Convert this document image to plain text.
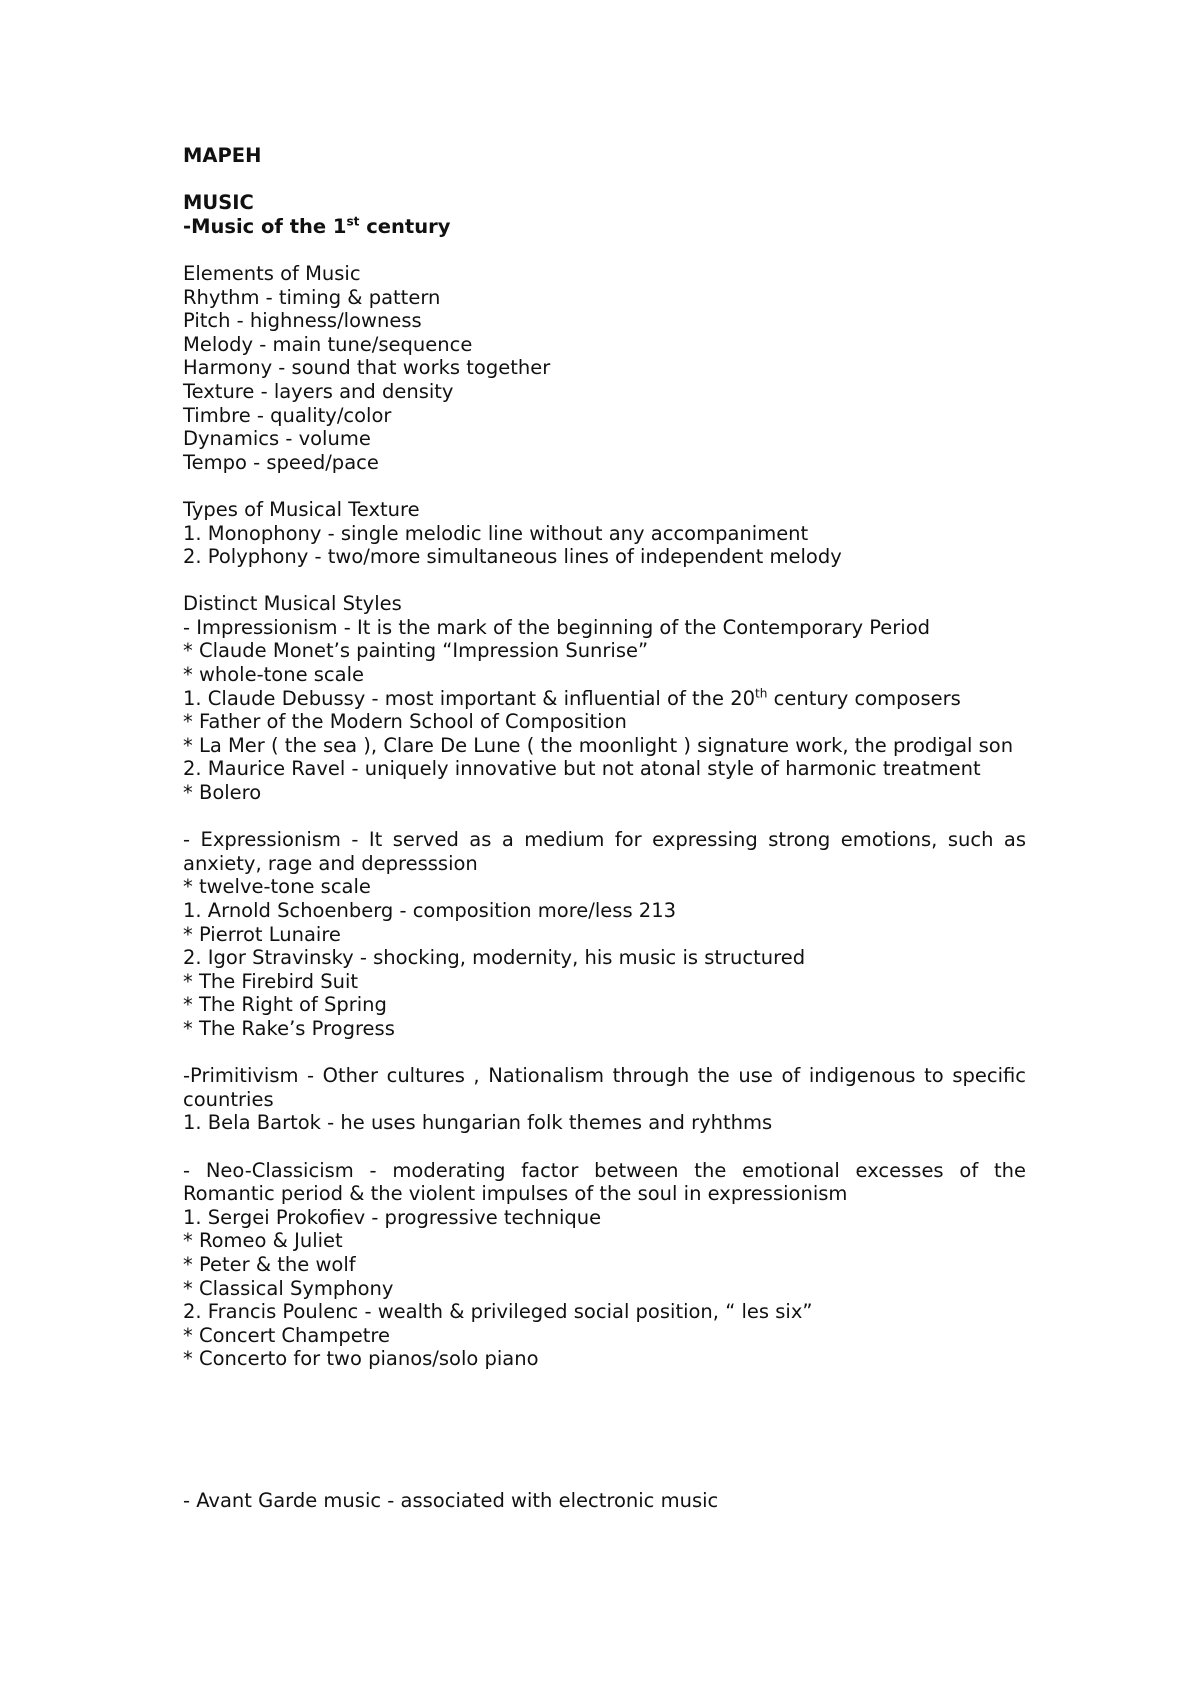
MAPEH
MUSIC
-Music of the 1st century
Elements of Music
Rhythm - timing & pattern
Pitch - highness/lowness
Melody - main tune/sequence
Harmony - sound that works together
Texture - layers and density
Timbre - quality/color
Dynamics - volume
Tempo - speed/pace
Types of Musical Texture
1. Monophony - single melodic line without any accompaniment
2. Polyphony - two/more simultaneous lines of independent melody
Distinct Musical Styles
- Impressionism - It is the mark of the beginning of the Contemporary Period
* Claude Monet’s painting “Impression Sunrise”
* whole-tone scale
1. Claude Debussy - most important & influential of the 20th century composers
* Father of the Modern School of Composition
* La Mer ( the sea ), Clare De Lune ( the moonlight ) signature work, the prodigal son
2. Maurice Ravel - uniquely innovative but not atonal style of harmonic treatment
* Bolero
- Expressionism - It served as a medium for expressing strong emotions, such as anxiety, rage and depresssion
* twelve-tone scale
1. Arnold Schoenberg - composition more/less 213
* Pierrot Lunaire
2. Igor Stravinsky - shocking, modernity, his music is structured
* The Firebird Suit
* The Right of Spring
* The Rake’s Progress
-Primitivism - Other cultures , Nationalism through the use of indigenous to specific countries
1. Bela Bartok - he uses hungarian folk themes and ryhthms
- Neo-Classicism - moderating factor between the emotional excesses of the Romantic period & the violent impulses of the soul in expressionism
1. Sergei Prokofiev - progressive technique
* Romeo & Juliet
* Peter & the wolf
* Classical Symphony
2. Francis Poulenc - wealth & privileged social position, “ les six”
* Concert Champetre
* Concerto for two pianos/solo piano
- Avant Garde music - associated with electronic music
